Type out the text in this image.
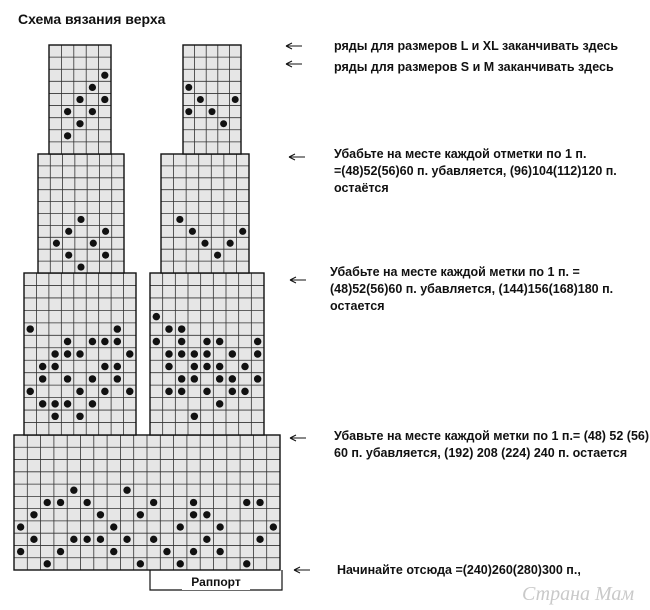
Схема вязания верха
Раппорт
ряды для размеров L и XL заканчивать здесь
ряды для размеров S и M заканчивать здесь
Убабьте на месте каждой отметки по 1 п. =(48)52(56)60 п. убавляется, (96)104(112)120 п. остаётся
Убабьте на месте каждой метки по 1 п. = (48)52(56)60 п. убавляется, (144)156(168)180 п. остается
Убавьте на месте каждой метки по 1 п.= (48) 52 (56) 60 п. убавляется, (192) 208 (224) 240 п. остается
Начинайте отсюда =(240)260(280)300 п.,
Страна Мам
